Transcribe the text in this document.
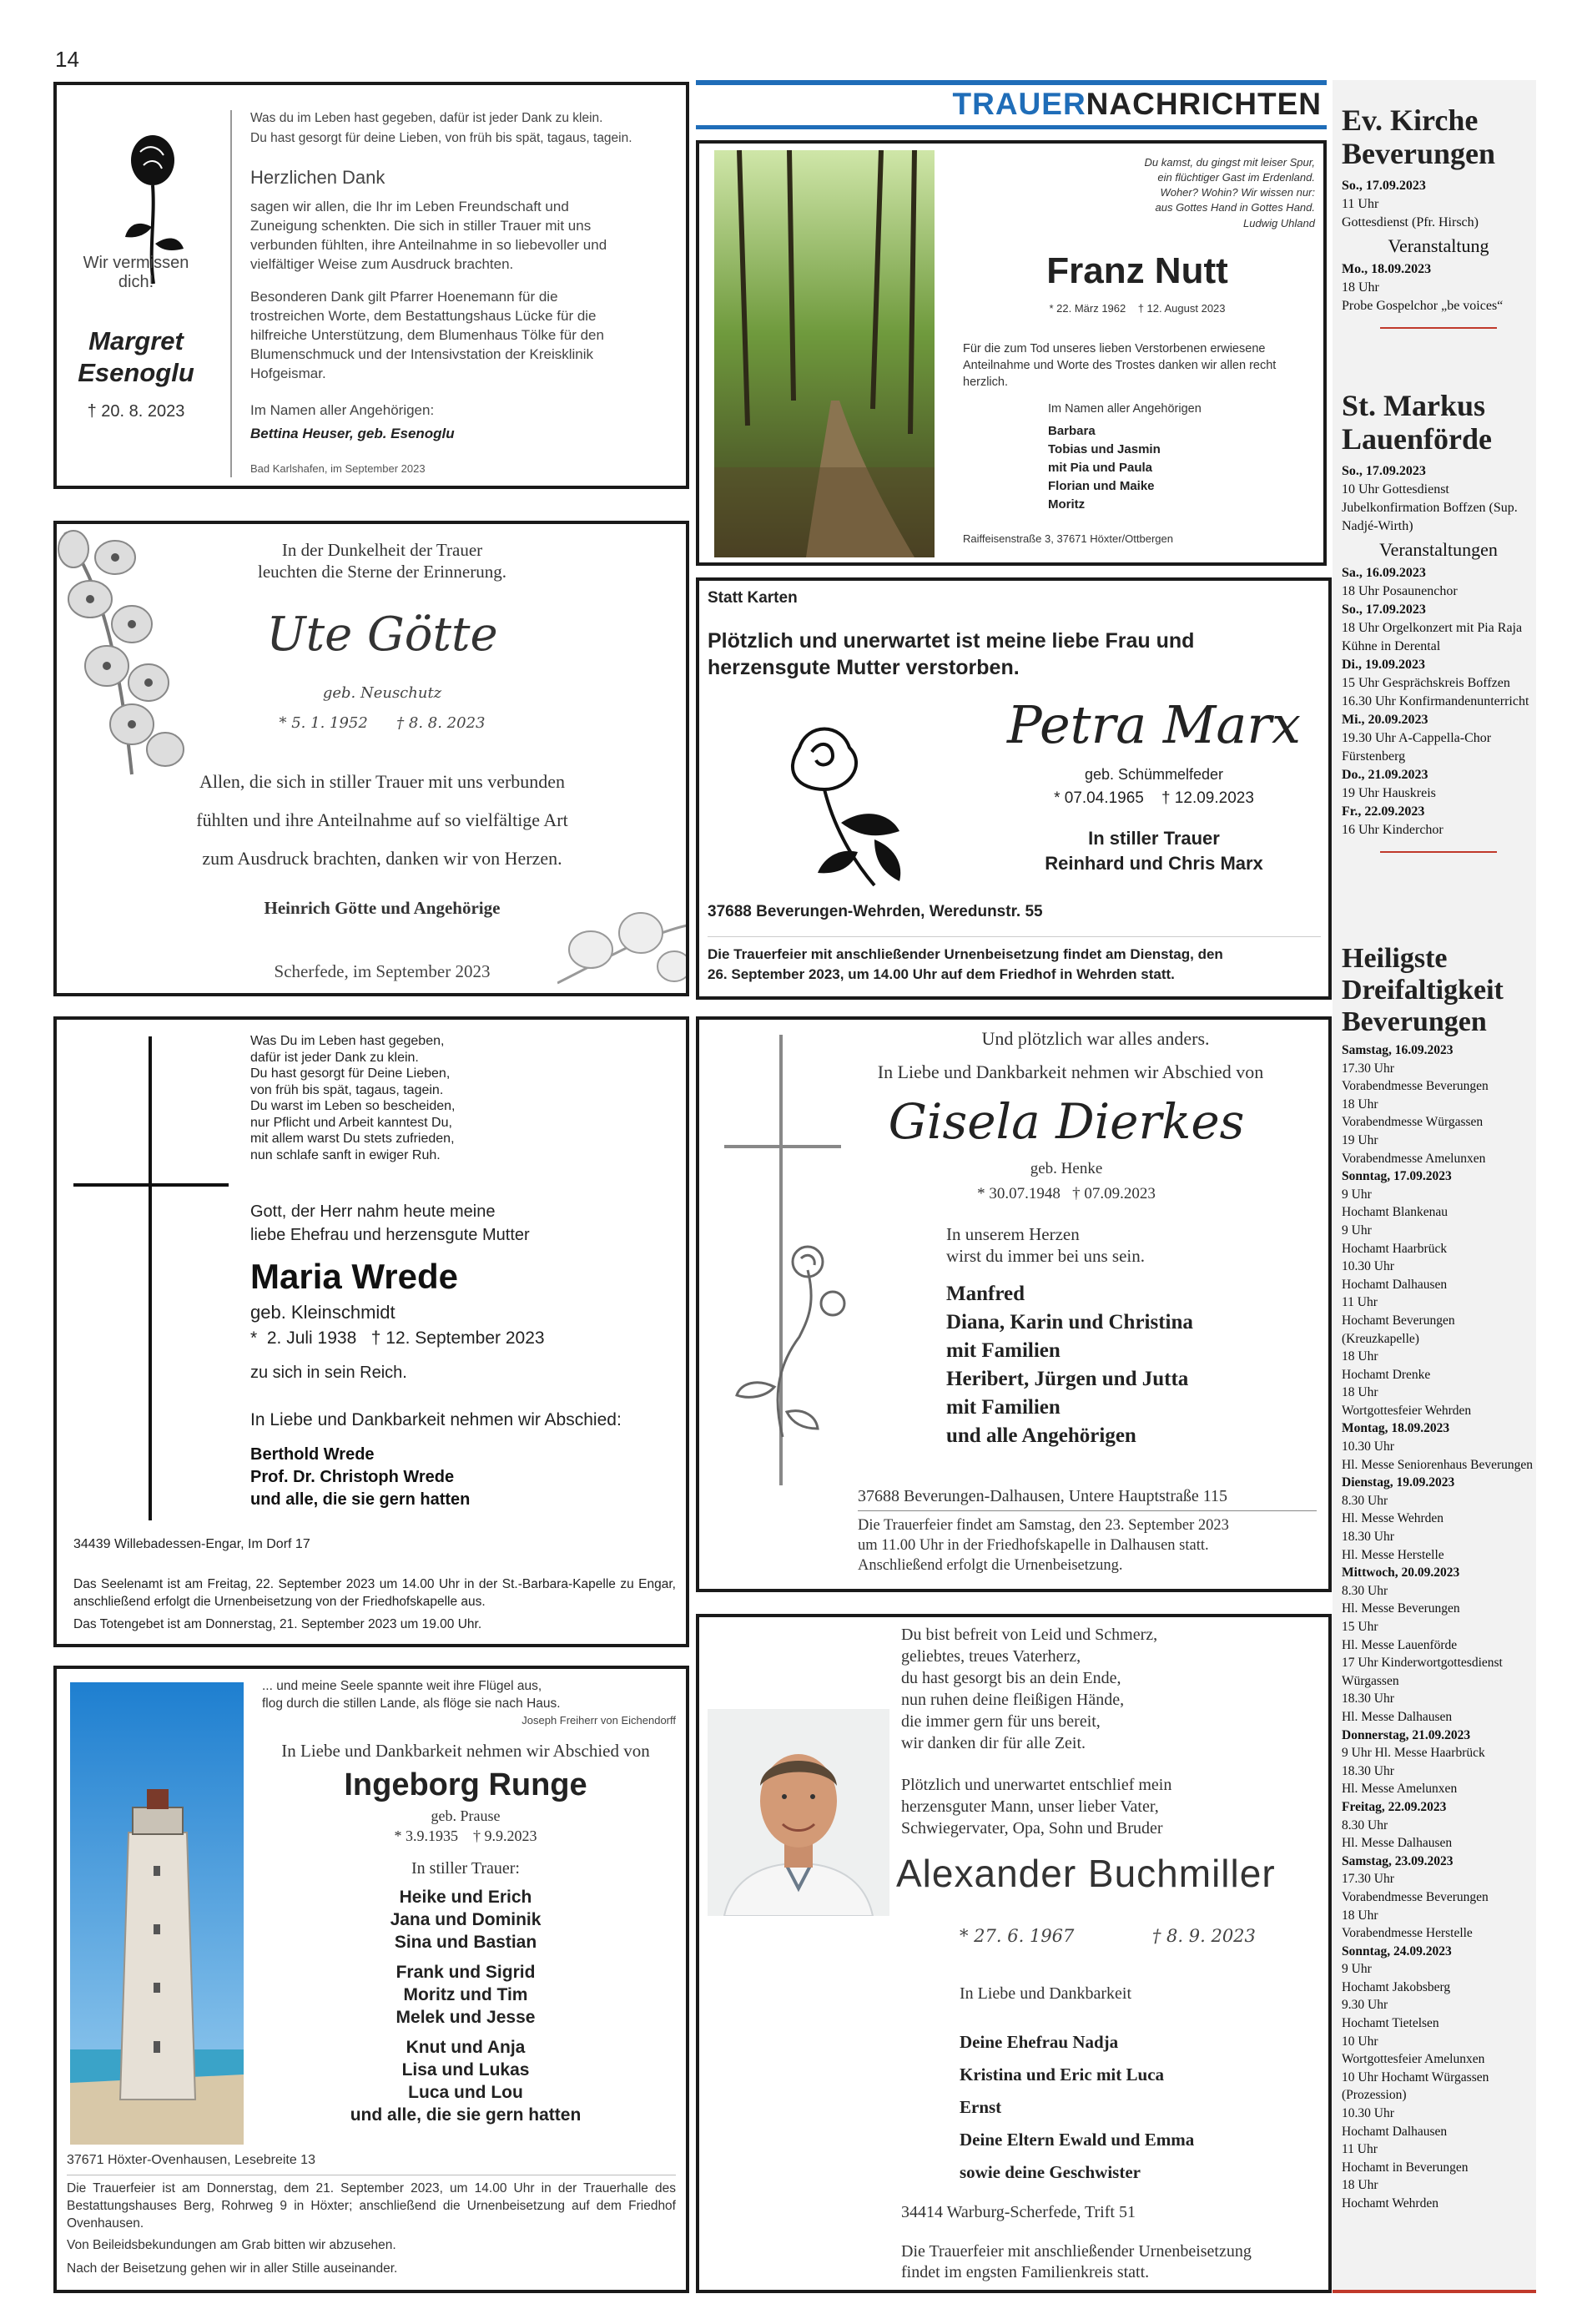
14
Wir vermissen
dich!
Margret
Esenoglu
† 20. 8. 2023
Was du im Leben hast gegeben, dafür ist jeder Dank zu klein.
Du hast gesorgt für deine Lieben, von früh bis spät, tagaus, tagein.
Herzlichen Dank

sagen wir allen, die Ihr im Leben Freundschaft und Zuneigung schenkten. Die sich in stiller Trauer mit uns verbunden fühlten, ihre Anteilnahme in so liebevoller und vielfältiger Weise zum Ausdruck brachten.

Besonderen Dank gilt Pfarrer Hoenemann für die trostreichen Worte, dem Bestattungshaus Lücke für die hilfreiche Unterstützung, dem Blumenhaus Tölke für den Blumenschmuck und der Intensivstation der Kreisklinik Hofgeismar.

Im Namen aller Angehörigen:
Bettina Heuser, geb. Esenoglu
Bad Karlshafen, im September 2023
In der Dunkelheit der Trauer
leuchten die Sterne der Erinnerung.
Ute Götte
geb. Neuschutz
* 5. 1. 1952      † 8. 8. 2023
Allen, die sich in stiller Trauer mit uns verbunden
fühlten und ihre Anteilnahme auf so vielfältige Art
zum Ausdruck brachten, danken wir von Herzen.
Heinrich Götte und Angehörige
Scherfede, im September 2023
TRAUERNACHRICHTEN
Du kamst, du gingst mit leiser Spur,
ein flüchtiger Gast im Erdenland.
Woher? Wohin? Wir wissen nur:
aus Gottes Hand in Gottes Hand.
Ludwig Uhland
Franz Nutt
* 22. März 1962    † 12. August 2023

Für die zum Tod unseres lieben Verstorbenen erwiesene Anteilnahme und Worte des Trostes danken wir allen recht herzlich.

Im Namen aller Angehörigen
Barbara
Tobias und Jasmin
mit Pia und Paula
Florian und Maike
Moritz
Raiffeisenstraße 3, 37671 Höxter/Ottbergen
Statt Karten
Plötzlich und unerwartet ist meine liebe Frau und
herzensgute Mutter verstorben.
Petra Marx
geb. Schümmelfeder
* 07.04.1965    † 12.09.2023
In stiller Trauer
Reinhard und Chris Marx
37688 Beverungen-Wehrden, Weredunstr. 55
Die Trauerfeier mit anschließender Urnenbeisetzung findet am Dienstag, den
26. September 2023, um 14.00 Uhr auf dem Friedhof in Wehrden statt.
Was Du im Leben hast gegeben,
dafür ist jeder Dank zu klein.
Du hast gesorgt für Deine Lieben,
von früh bis spät, tagaus, tagein.
Du warst im Leben so bescheiden,
nur Pflicht und Arbeit kanntest Du,
mit allem warst Du stets zufrieden,
nun schlafe sanft in ewiger Ruh.
Gott, der Herr nahm heute meine
liebe Ehefrau und herzensgute Mutter
Maria Wrede
geb. Kleinschmidt
*  2. Juli 1938   † 12. September 2023
zu sich in sein Reich.
In Liebe und Dankbarkeit nehmen wir Abschied:
Berthold Wrede
Prof. Dr. Christoph Wrede
und alle, die sie gern hatten
34439 Willebadessen-Engar, Im Dorf 17

Das Seelenamt ist am Freitag, 22. September 2023 um 14.00 Uhr in der St.-Barbara-Kapelle zu Engar, anschließend erfolgt die Urnenbeisetzung von der Friedhofskapelle aus.

Das Totengebet ist am Donnerstag, 21. September 2023 um 19.00 Uhr.
Und plötzlich war alles anders.
In Liebe und Dankbarkeit nehmen wir Abschied von
Gisela Dierkes
geb. Henke
* 30.07.1948   † 07.09.2023
In unserem Herzen
wirst du immer bei uns sein.
Manfred
Diana, Karin und Christina
mit Familien
Heribert, Jürgen und Jutta
mit Familien
und alle Angehörigen
37688 Beverungen-Dalhausen, Untere Hauptstraße 115
Die Trauerfeier findet am Samstag, den 23. September 2023
um 11.00 Uhr in der Friedhofskapelle in Dalhausen statt.
Anschließend erfolgt die Urnenbeisetzung.
... und meine Seele spannte weit ihre Flügel aus,
flog durch die stillen Lande, als flöge sie nach Haus.
Joseph Freiherr von Eichendorff
In Liebe und Dankbarkeit nehmen wir Abschied von
Ingeborg Runge
geb. Prause
* 3.9.1935    † 9.9.2023
In stiller Trauer:
Heike und Erich
Jana und Dominik
Sina und Bastian
Frank und Sigrid
Moritz und Tim
Melek und Jesse
Knut und Anja
Lisa und Lukas
Luca und Lou
und alle, die sie gern hatten
37671 Höxter-Ovenhausen, Lesebreite 13

Die Trauerfeier ist am Donnerstag, dem 21. September 2023, um 14.00 Uhr in der Trauerhalle des Bestattungshauses Berg, Rohrweg 9 in Höxter; anschließend die Urnenbeisetzung auf dem Friedhof Ovenhausen.

Von Beileidsbekundungen am Grab bitten wir abzusehen.
Nach der Beisetzung gehen wir in aller Stille auseinander.
Du bist befreit von Leid und Schmerz,
geliebtes, treues Vaterherz,
du hast gesorgt bis an dein Ende,
nun ruhen deine fleißigen Hände,
die immer gern für uns bereit,
wir danken dir für alle Zeit.
Plötzlich und unerwartet entschlief mein
herzensguter Mann, unser lieber Vater,
Schwiegervater, Opa, Sohn und Bruder
Alexander Buchmiller
* 27. 6. 1967              † 8. 9. 2023
In Liebe und Dankbarkeit
Deine Ehefrau Nadja
Kristina und Eric mit Luca
Ernst
Deine Eltern Ewald und Emma
sowie deine Geschwister
34414 Warburg-Scherfede, Trift 51
Die Trauerfeier mit anschließender Urnenbeisetzung
findet im engsten Familienkreis statt.
Ev. Kirche
Beverungen
So., 17.09.2023
11 Uhr
Gottesdienst (Pfr. Hirsch)
Veranstaltung
Mo., 18.09.2023
18 Uhr
Probe Gospelchor „be voices“
St. Markus
Lauenförde
So., 17.09.2023
10 Uhr Gottesdienst Jubelkonfirmation Boffzen (Sup. Nadjé-Wirth)
Veranstaltungen
Sa., 16.09.2023
18 Uhr Posaunenchor
So., 17.09.2023
18 Uhr Orgelkonzert mit Pia Raja Kühne in Derental
Di., 19.09.2023
15 Uhr Gesprächskreis Boffzen
16.30 Uhr Konfirmandenunterricht
Mi., 20.09.2023
19.30 Uhr A-Cappella-Chor Fürstenberg
Do., 21.09.2023
19 Uhr Hauskreis
Fr., 22.09.2023
16 Uhr Kinderchor
Heiligste
Dreifaltigkeit
Beverungen
Samstag, 16.09.2023
17.30 Uhr
Vorabendmesse Beverungen
18 Uhr
Vorabendmesse Würgassen
19 Uhr
Vorabendmesse Amelunxen
Sonntag, 17.09.2023
9 Uhr
Hochamt Blankenau
9 Uhr
Hochamt Haarbrück
10.30 Uhr
Hochamt Dalhausen
11 Uhr
Hochamt Beverungen (Kreuzkapelle)
18 Uhr
Hochamt Drenke
18 Uhr
Wortgottesfeier Wehrden
Montag, 18.09.2023
10.30 Uhr
Hl. Messe Seniorenhaus Beverungen
Dienstag, 19.09.2023
8.30 Uhr
Hl. Messe Wehrden
18.30 Uhr
Hl. Messe Herstelle
Mittwoch, 20.09.2023
8.30 Uhr
Hl. Messe Beverungen
15 Uhr
Hl. Messe Lauenförde
17 Uhr Kinderwortgottesdienst Würgassen
18.30 Uhr
Hl. Messe Dalhausen
Donnerstag, 21.09.2023
9 Uhr Hl. Messe Haarbrück
18.30 Uhr
Hl. Messe Amelunxen
Freitag, 22.09.2023
8.30 Uhr
Hl. Messe Dalhausen
Samstag, 23.09.2023
17.30 Uhr
Vorabendmesse Beverungen
18 Uhr
Vorabendmesse Herstelle
Sonntag, 24.09.2023
9 Uhr
Hochamt Jakobsberg
9.30 Uhr
Hochamt Tietelsen
10 Uhr
Wortgottesfeier Amelunxen
10 Uhr Hochamt Würgassen (Prozession)
10.30 Uhr
Hochamt Dalhausen
11 Uhr
Hochamt in Beverungen
18 Uhr
Hochamt Wehrden
